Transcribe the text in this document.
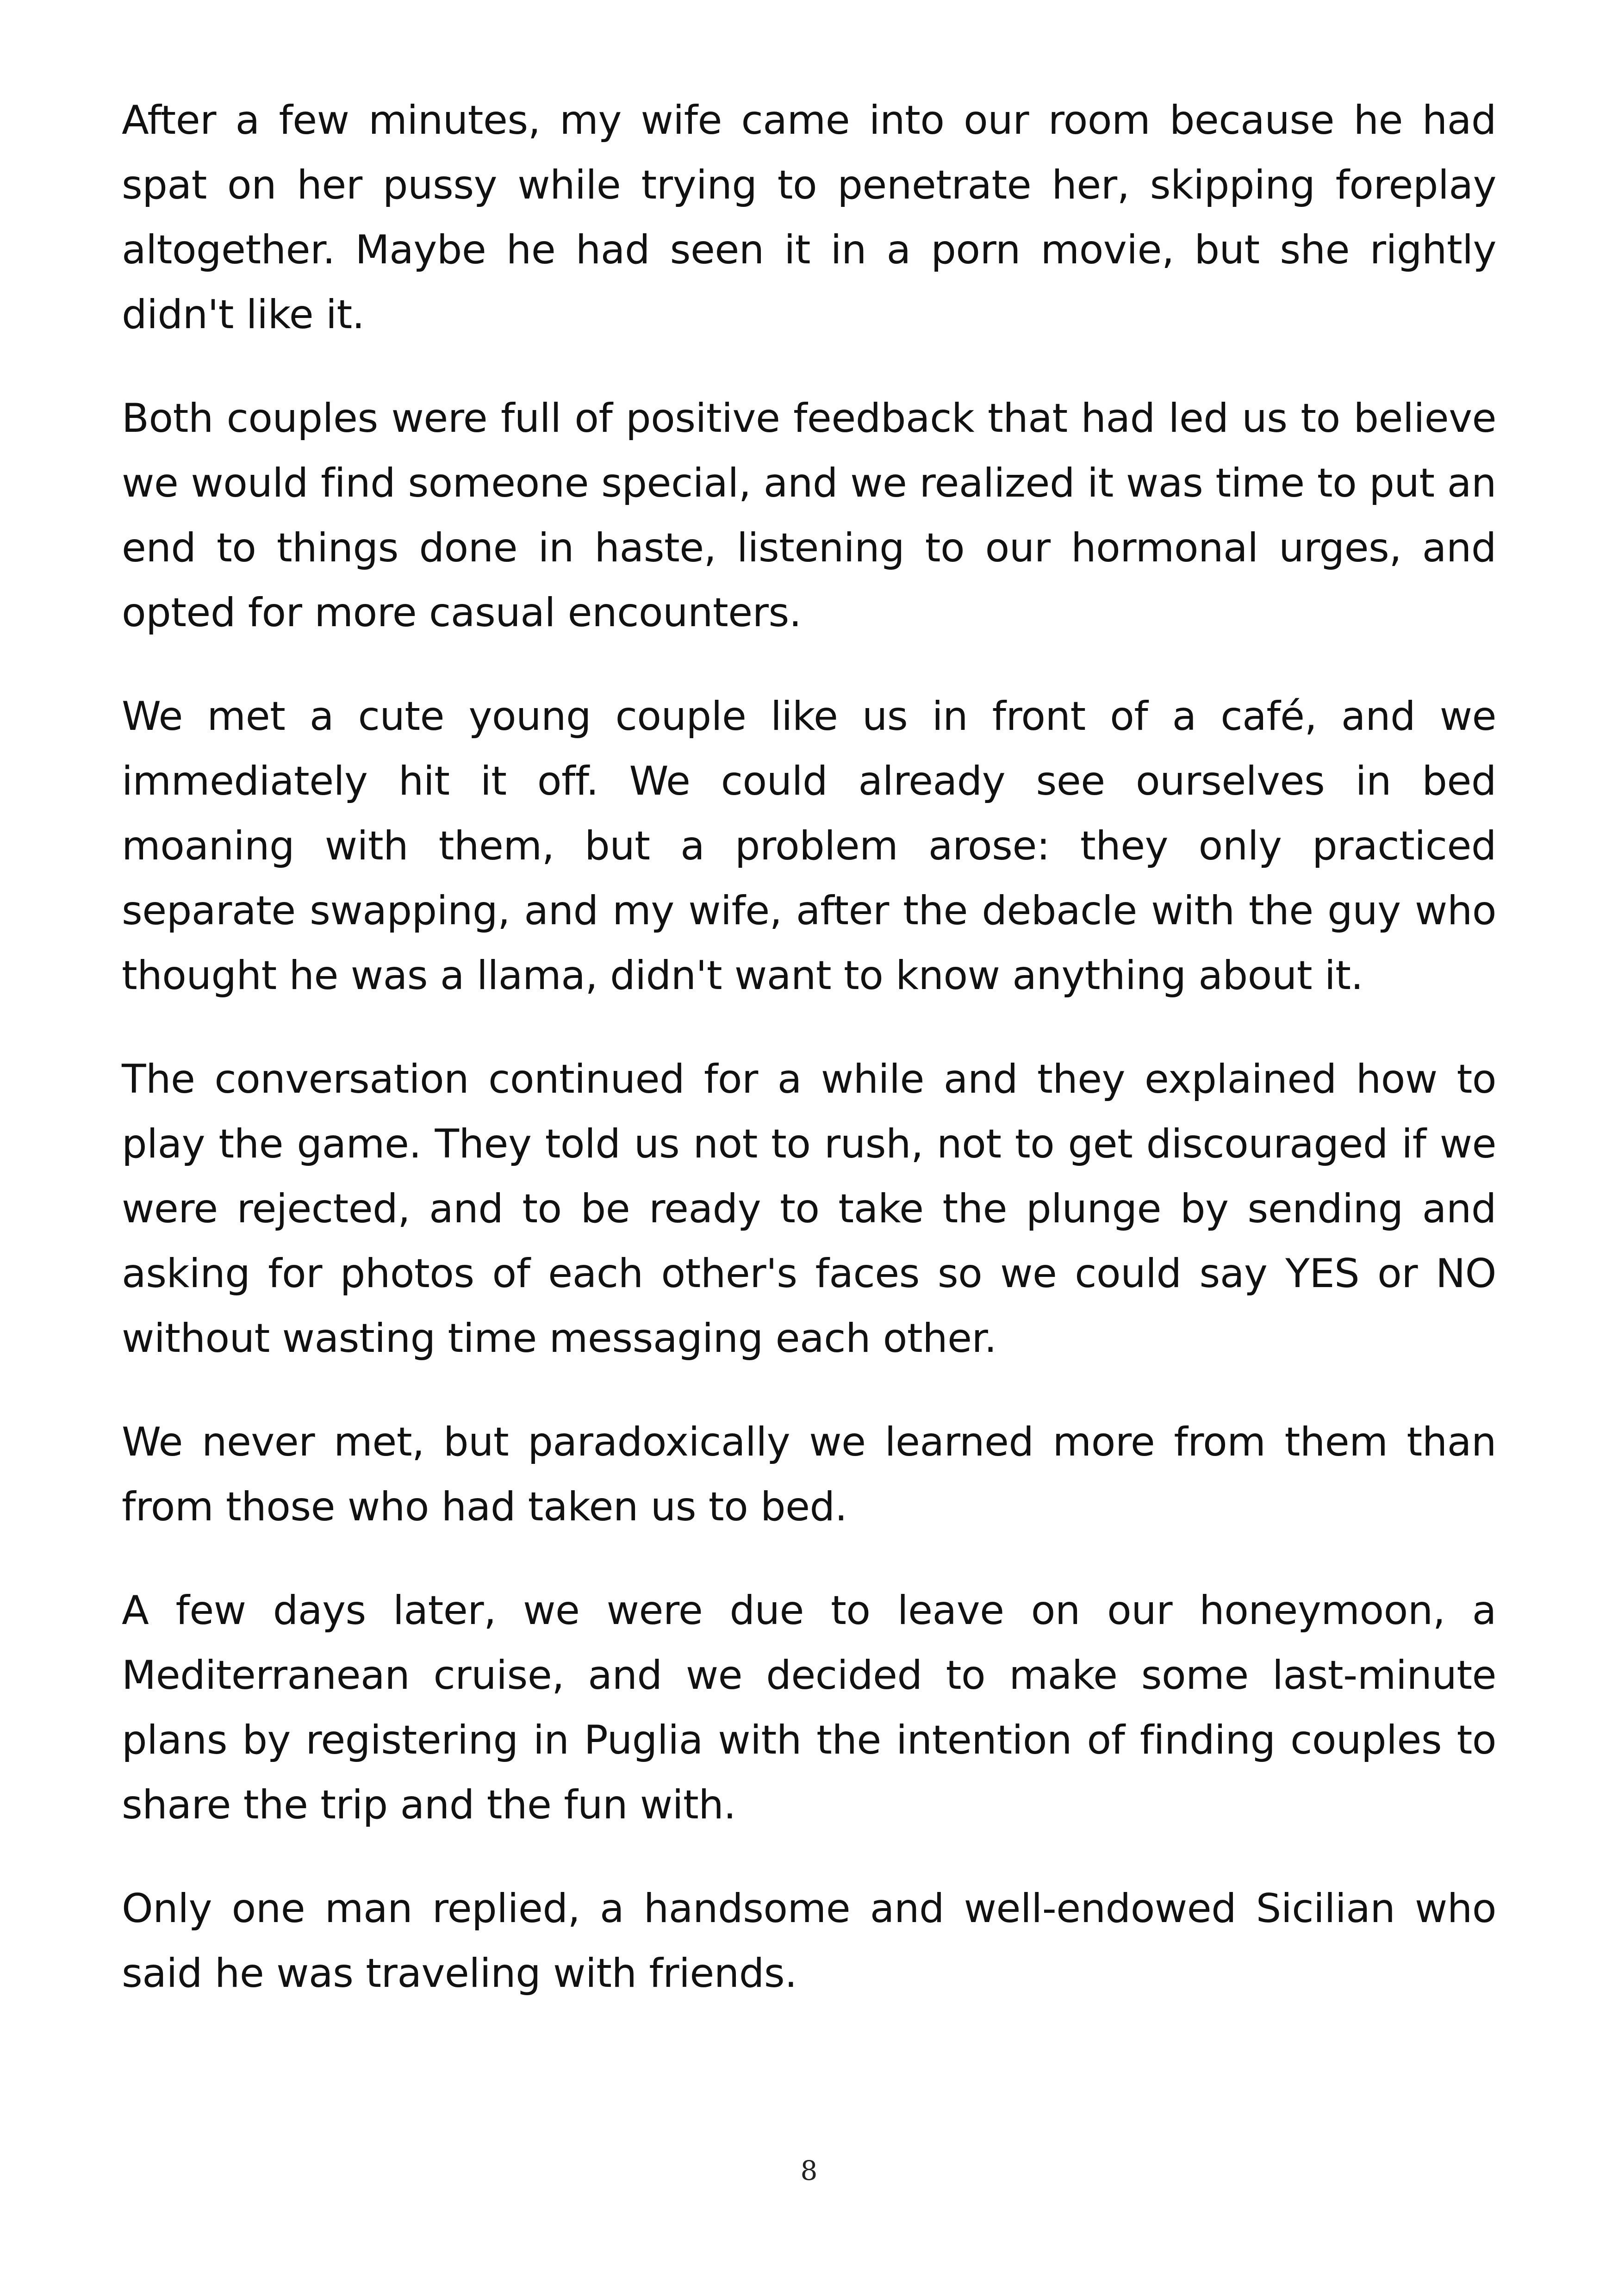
After a few minutes, my wife came into our room because he had spat on her pussy while trying to penetrate her, skipping foreplay altogether. Maybe he had seen it in a porn movie, but she rightly didn't like it.

Both couples were full of positive feedback that had led us to believe we would find someone special, and we realized it was time to put an end to things done in haste, listening to our hormonal urges, and opted for more casual encounters.

We met a cute young couple like us in front of a café, and we immediately hit it off. We could already see ourselves in bed moaning with them, but a problem arose: they only practiced separate swapping, and my wife, after the debacle with the guy who thought he was a llama, didn't want to know anything about it.

The conversation continued for a while and they explained how to play the game. They told us not to rush, not to get discouraged if we were rejected, and to be ready to take the plunge by sending and asking for photos of each other's faces so we could say YES or NO without wasting time messaging each other.

We never met, but paradoxically we learned more from them than from those who had taken us to bed.

A few days later, we were due to leave on our honeymoon, a Mediterranean cruise, and we decided to make some last-minute plans by registering in Puglia with the intention of finding couples to share the trip and the fun with.

Only one man replied, a handsome and well-endowed Sicilian who said he was traveling with friends.

8
